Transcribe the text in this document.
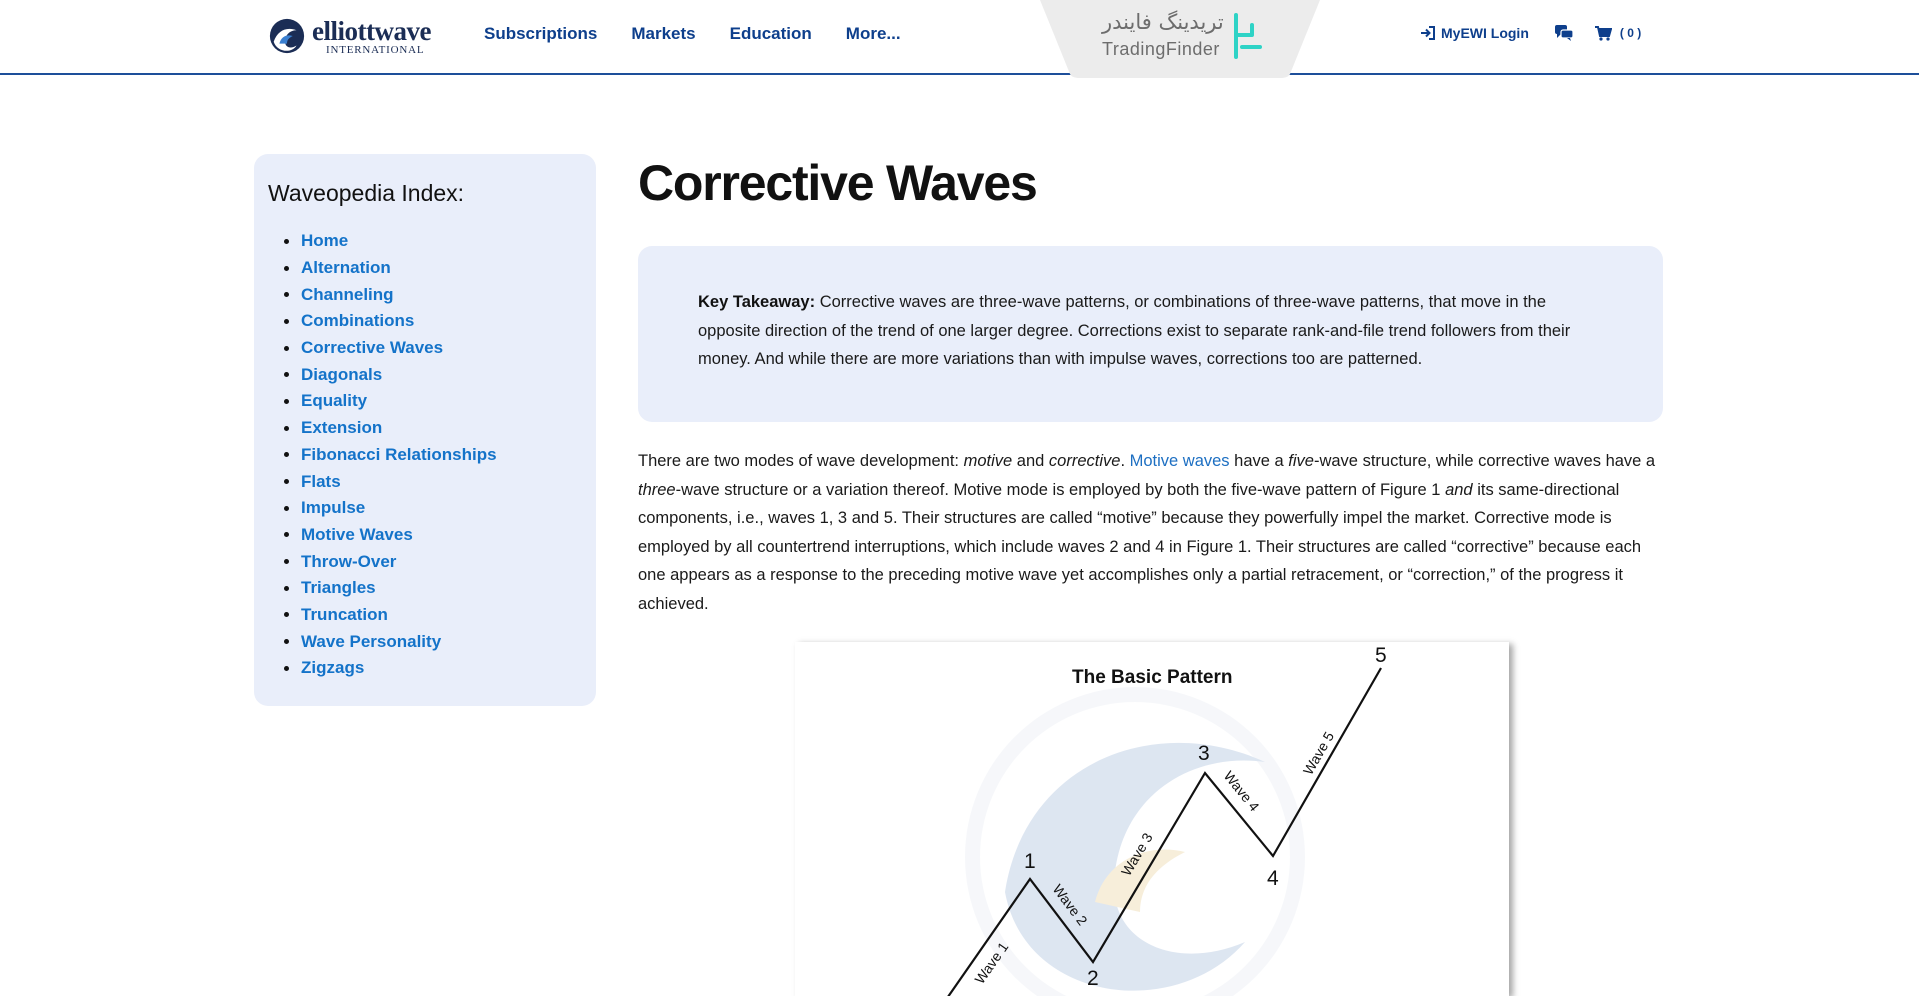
elliottwave
INTERNATIONAL
Subscriptions Markets Education More...	تریدینگ فایندر
TradingFinder
MyEWI Login	( 0 )
Waveopedia Index:
Home
Alternation
Channeling
Combinations
Corrective Waves
Diagonals
Equality
Extension
Fibonacci Relationships
Flats
Impulse
Motive Waves
Throw-Over
Triangles
Truncation
Wave Personality
Zigzags
Corrective Waves

Key Takeaway: Corrective waves are three-wave patterns, or combinations of three-wave patterns, that move in the opposite direction of the trend of one larger degree. Corrections exist to separate rank-and-file trend followers from their money. And while there are more variations than with impulse waves, corrections too are patterned.

There are two modes of wave development: motive and corrective. Motive waves have a five-wave structure, while corrective waves have a three-wave structure or a variation thereof. Motive mode is employed by both the five-wave pattern of Figure 1 and its same-directional components, i.e., waves 1, 3 and 5. Their structures are called “motive” because they powerfully impel the market. Corrective mode is employed by all countertrend interruptions, which include waves 2 and 4 in Figure 1. Their structures are called “corrective” because each one appears as a response to the preceding motive wave yet accomplishes only a partial retracement, or “correction,” of the progress it achieved.

The Basic Pattern
1
2
3
4
5
Wave 1
Wave 2
Wave 3
Wave 4
Wave 5
